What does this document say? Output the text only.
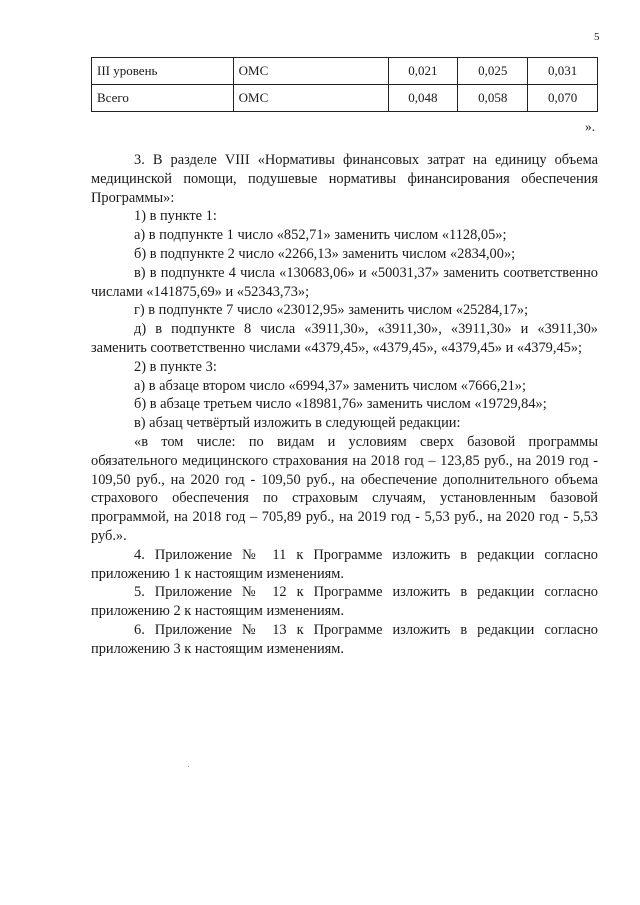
5
III уровень	ОМС	0,021	0,025	0,031
Всего	ОМС	0,048	0,058	0,070
».

3. В разделе VIII «Нормативы финансовых затрат на единицу объема медицинской помощи, подушевые нормативы финансирования обеспечения Программы»:

1) в пункте 1:

а) в подпункте 1 число «852,71» заменить числом «1128,05»;

б) в подпункте 2 число «2266,13» заменить числом «2834,00»;

в) в подпункте 4 числа «130683,06» и «50031,37» заменить соответственно числами «141875,69» и «52343,73»;

г) в подпункте 7 число «23012,95» заменить числом «25284,17»;

д) в подпункте 8 числа «3911,30», «3911,30», «3911,30» и «3911,30» заменить соответственно числами «4379,45», «4379,45», «4379,45» и «4379,45»;

2) в пункте 3:

а) в абзаце втором число «6994,37» заменить числом «7666,21»;

б) в абзаце третьем число «18981,76» заменить числом «19729,84»;

в) абзац четвёртый изложить в следующей редакции:

«в том числе: по видам и условиям сверх базовой программы обязательного медицинского страхования на 2018 год – 123,85 руб., на 2019 год - 109,50 руб., на 2020 год - 109,50 руб., на обеспечение дополнительного объема страхового обеспечения по страховым случаям, установленным базовой программой, на 2018 год – 705,89 руб., на 2019 год - 5,53 руб., на 2020 год - 5,53 руб.».

4. Приложение № 11 к Программе изложить в редакции согласно приложению 1 к настоящим изменениям.

5. Приложение № 12 к Программе изложить в редакции согласно приложению 2 к настоящим изменениям.

6. Приложение № 13 к Программе изложить в редакции согласно приложению 3 к настоящим изменениям.
